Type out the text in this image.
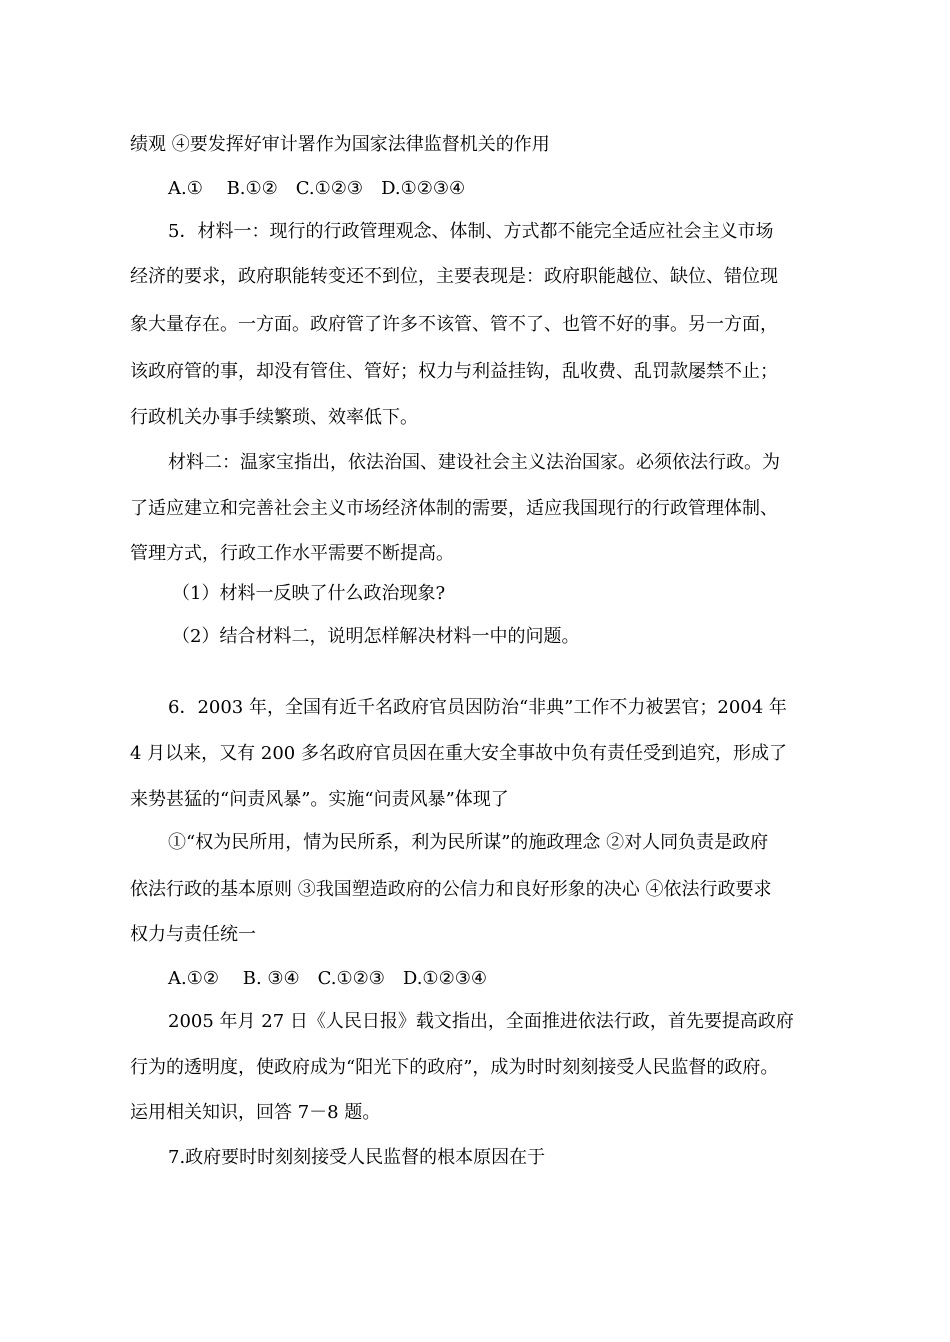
绩观 ④要发挥好审计署作为国家法律监督机关的作用
A.①　 B.①②　C.①②③　D.①②③④
5．材料一：现行的行政管理观念、体制、方式都不能完全适应社会主义市场
经济的要求，政府职能转变还不到位，主要表现是：政府职能越位、缺位、错位现
象大量存在。一方面。政府管了许多不该管、管不了、也管不好的事。另一方面，
该政府管的事，却没有管住、管好；权力与利益挂钩，乱收费、乱罚款屡禁不止；
行政机关办事手续繁琐、效率低下。
材料二：温家宝指出，依法治国、建设社会主义法治国家。必须依法行政。为
了适应建立和完善社会主义市场经济体制的需要，适应我国现行的行政管理体制、
管理方式，行政工作水平需要不断提高。
（1）材料一反映了什么政治现象?
（2）结合材料二，说明怎样解决材料一中的问题。
6．2003 年，全国有近千名政府官员因防治“非典”工作不力被罢官；2004 年
4 月以来，又有 200 多名政府官员因在重大安全事故中负有责任受到追究，形成了
来势甚猛的“问责风暴”。实施“问责风暴”体现了
①“权为民所用，情为民所系，利为民所谋”的施政理念 ②对人同负责是政府
依法行政的基本原则 ③我国塑造政府的公信力和良好形象的决心 ④依法行政要求
权力与责任统一
A.①②　 B. ③④　C.①②③　D.①②③④
2005 年月 27 日《人民日报》载文指出，全面推进依法行政，首先要提高政府
行为的透明度，使政府成为“阳光下的政府”，成为时时刻刻接受人民监督的政府。
运用相关知识，回答 7－8 题。
7.政府要时时刻刻接受人民监督的根本原因在于
